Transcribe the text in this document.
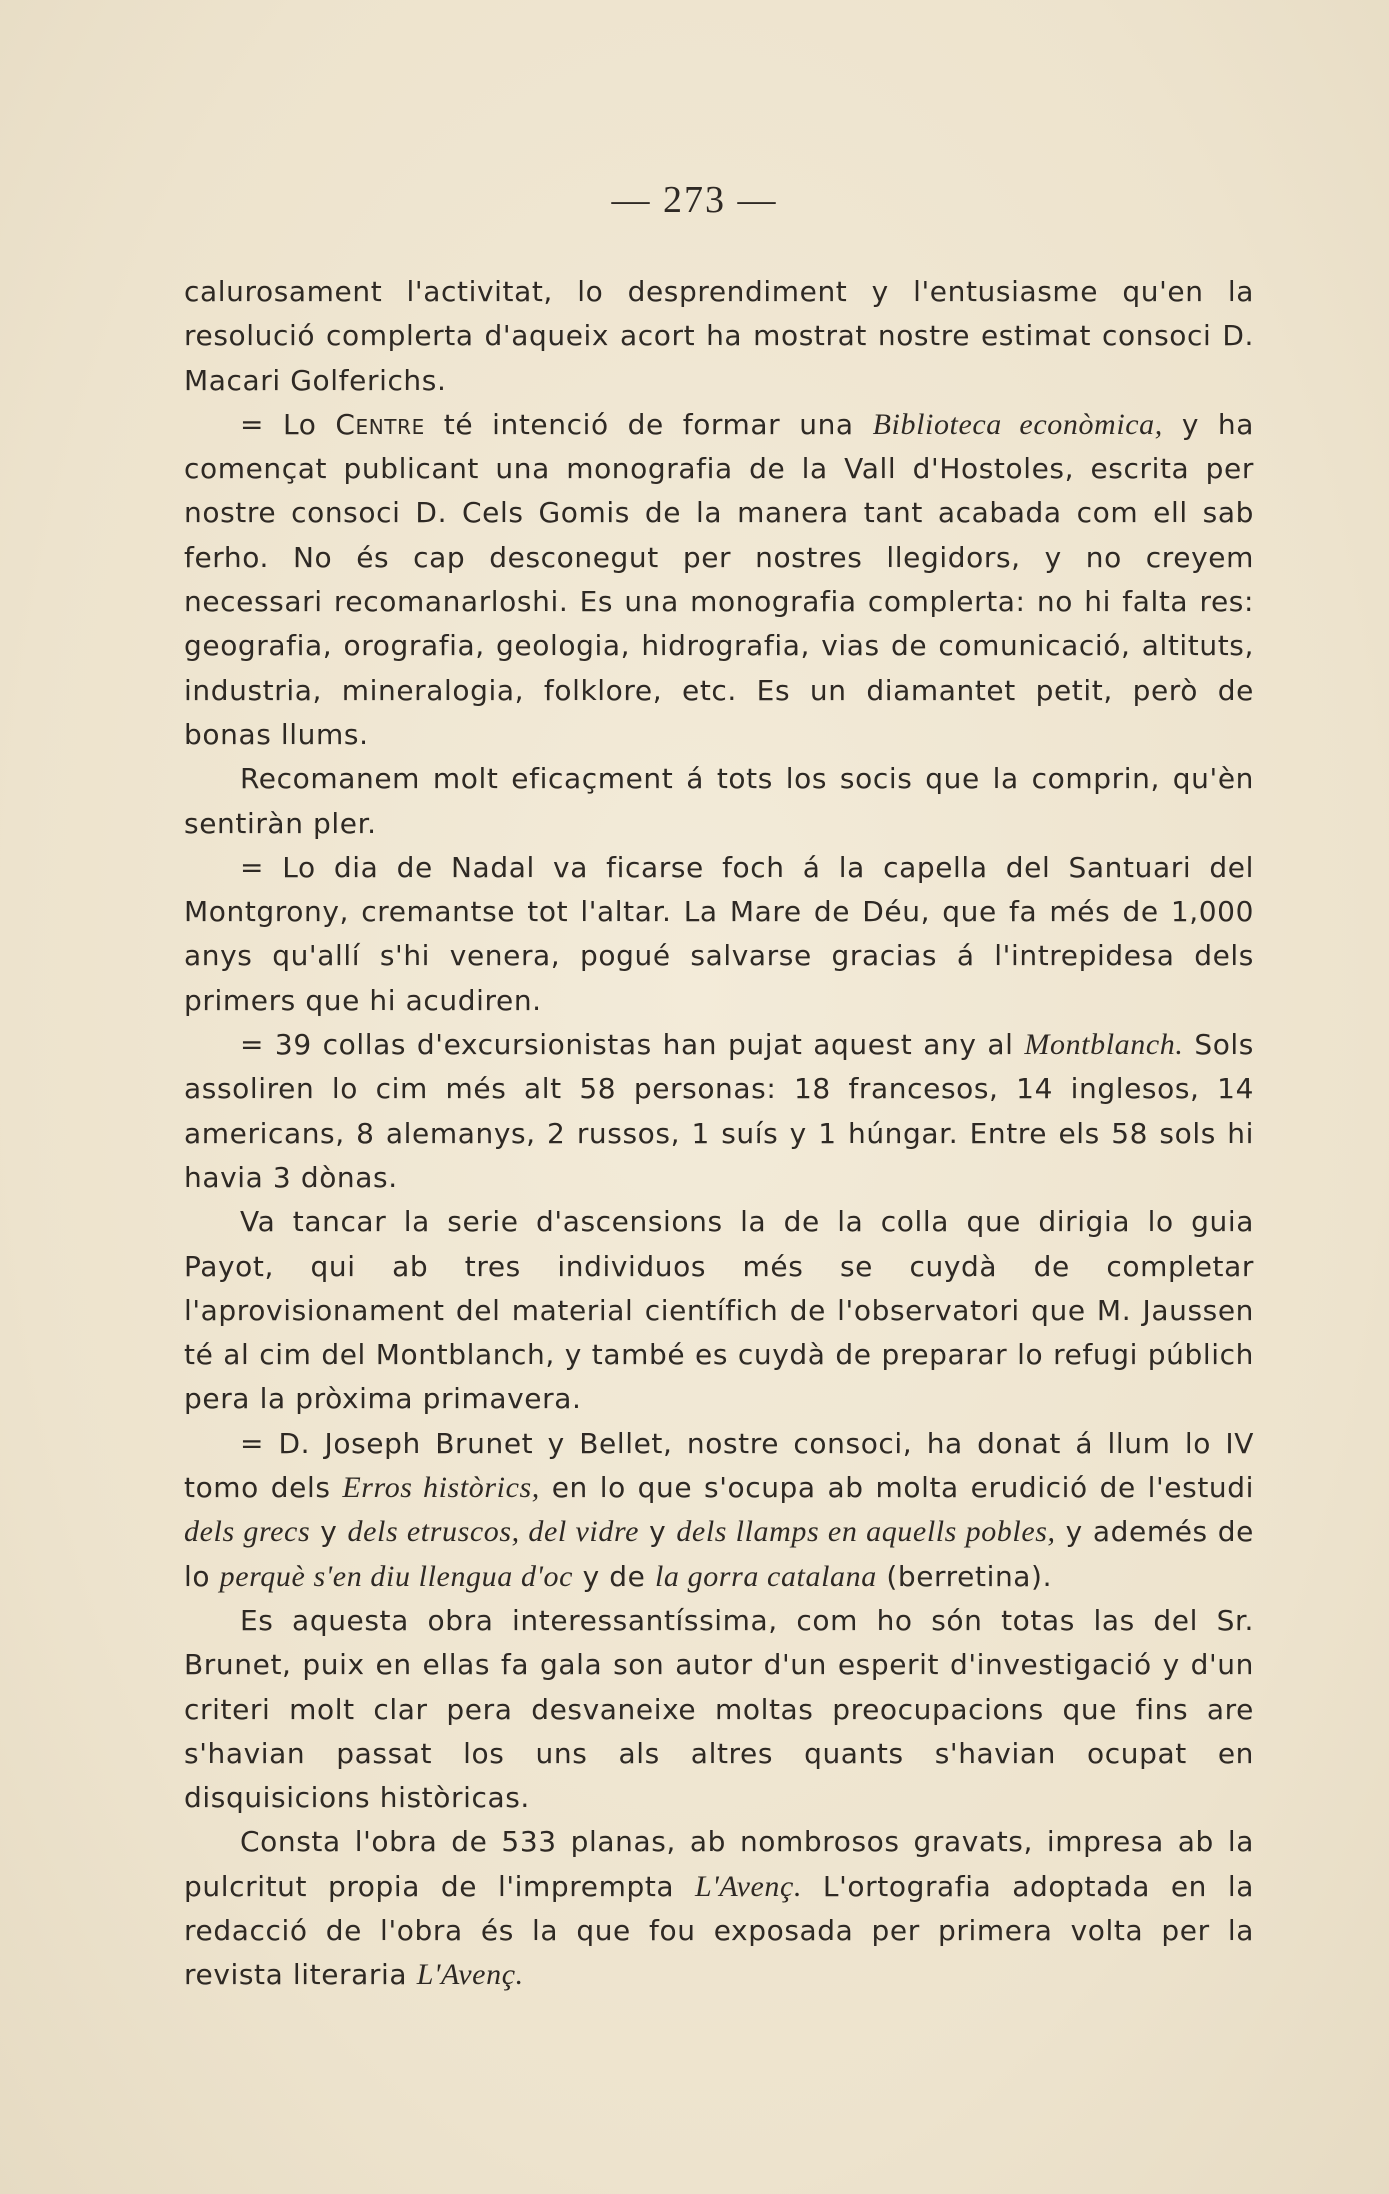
— 273 —

calurosament l'activitat, lo desprendiment y l'entusiasme qu'en la resolució complerta d'aqueix acort ha mostrat nostre estimat consoci D. Macari Golferichs.

= Lo Centre té intenció de formar una Biblioteca econòmica, y ha començat publicant una monografia de la Vall d'Hostoles, escrita per nostre consoci D. Cels Gomis de la manera tant acabada com ell sab ferho. No és cap desconegut per nostres llegidors, y no creyem necessari recomanarloshi. Es una monografia complerta: no hi falta res: geografia, orografia, geologia, hidrografia, vias de comunicació, altituts, industria, mineralogia, folklore, etc. Es un diamantet petit, però de bonas llums.

Recomanem molt eficaçment á tots los socis que la comprin, qu'èn sentiràn pler.

= Lo dia de Nadal va ficarse foch á la capella del Santuari del Montgrony, cremantse tot l'altar. La Mare de Déu, que fa més de 1,000 anys qu'allí s'hi venera, pogué salvarse gracias á l'intrepidesa dels primers que hi acudiren.

= 39 collas d'excursionistas han pujat aquest any al Montblanch. Sols assoliren lo cim més alt 58 personas: 18 francesos, 14 inglesos, 14 americans, 8 alemanys, 2 russos, 1 suís y 1 húngar. Entre els 58 sols hi havia 3 dònas.

Va tancar la serie d'ascensions la de la colla que dirigia lo guia Payot, qui ab tres individuos més se cuydà de completar l'aprovisionament del material científich de l'observatori que M. Jaussen té al cim del Montblanch, y també es cuydà de preparar lo refugi públich pera la pròxima primavera.

= D. Joseph Brunet y Bellet, nostre consoci, ha donat á llum lo IV tomo dels Erros històrics, en lo que s'ocupa ab molta erudició de l'estudi dels grecs y dels etruscos, del vidre y dels llamps en aquells pobles, y ademés de lo perquè s'en diu llengua d'oc y de la gorra catalana (berretina).

Es aquesta obra interessantíssima, com ho són totas las del Sr. Brunet, puix en ellas fa gala son autor d'un esperit d'investigació y d'un criteri molt clar pera desvaneixe moltas preocupacions que fins are s'havian passat los uns als altres quants s'havian ocupat en disquisicions històricas.

Consta l'obra de 533 planas, ab nombrosos gravats, impresa ab la pulcritut propia de l'imprempta L'Avenç. L'ortografia adoptada en la redacció de l'obra és la que fou exposada per primera volta per la revista literaria L'Avenç.
